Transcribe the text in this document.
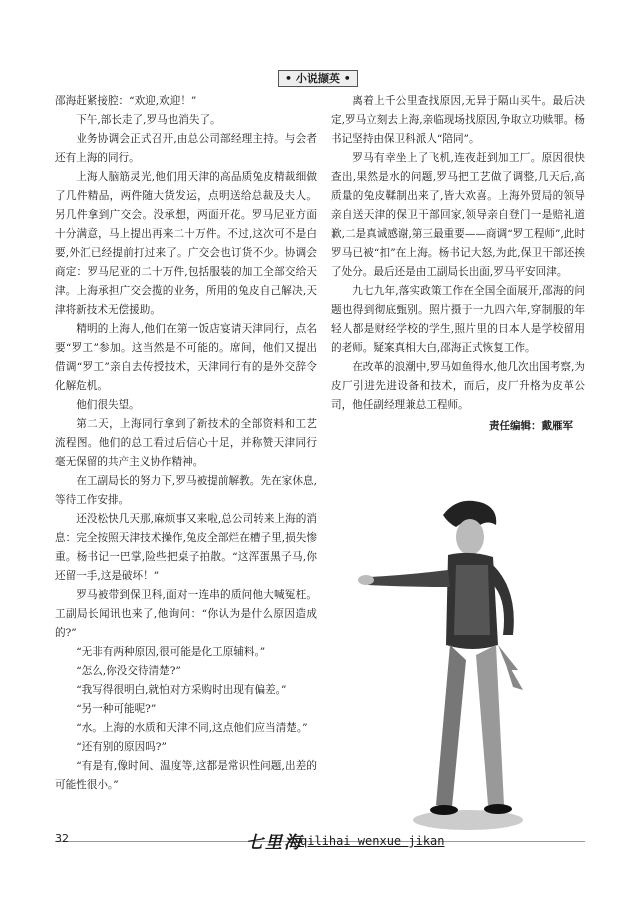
• 小说撷英 •

邵海赶紧接腔：“欢迎,欢迎！”

下午,部长走了,罗马也消失了。

业务协调会正式召开,由总公司部经理主持。与会者还有上海的同行。

上海人脑筋灵光,他们用天津的高品质兔皮精裁细做了几件精品，两件随大货发运，点明送给总裁及夫人。另几件拿到广交会。没承想，两面开花。罗马尼亚方面十分满意，马上提出再来二十万件。不过,这次可不是白要,外汇已经提前打过来了。广交会也订货不少。协调会商定：罗马尼亚的二十万件,包括服装的加工全部交给天津。上海承担广交会揽的业务，所用的兔皮自己解决,天津将新技术无偿援助。

精明的上海人,他们在第一饭店宴请天津同行，点名要“罗工”参加。这当然是不可能的。席间，他们又提出借调“罗工”亲自去传授技术，天津同行有的是外交辞令化解危机。

他们很失望。

第二天，上海同行拿到了新技术的全部资料和工艺流程图。他们的总工看过后信心十足，并称赞天津同行毫无保留的共产主义协作精神。

在工副局长的努力下,罗马被提前解教。先在家休息,等待工作安排。

还没松快几天那,麻烦事又来啦,总公司转来上海的消息：完全按照天津技术操作,兔皮全部烂在槽子里,损失惨重。杨书记一巴掌,险些把桌子拍散。“这浑蛋黑子马,你还留一手,这是破坏！”

罗马被带到保卫科,面对一连串的质问他大喊冤枉。工副局长闻讯也来了,他询问：“你认为是什么原因造成的?”

“无非有两种原因,很可能是化工原辅料。”

“怎么,你没交待清楚?”

“我写得很明白,就怕对方采购时出现有偏差。”

“另一种可能呢?”

“水。上海的水质和天津不同,这点他们应当清楚。”

“还有别的原因吗?”

“有是有,像时间、温度等,这都是常识性问题,出差的可能性很小。”

离着上千公里查找原因,无异于隔山买牛。最后决定,罗马立刻去上海,亲临现场找原因,争取立功赎罪。杨书记坚持由保卫科派人“陪同”。

罗马有幸坐上了飞机,连夜赶到加工厂。原因很快查出,果然是水的问题,罗马把工艺做了调整,几天后,高质量的兔皮鞣制出来了,皆大欢喜。上海外贸局的领导亲自送天津的保卫干部回家,领导亲自登门一是赔礼道歉,二是真诚感谢,第三最重要——商调“罗工程师”,此时罗马已被“扣”在上海。杨书记大怒,为此,保卫干部还挨了处分。最后还是由工副局长出面,罗马平安回津。

九七九年,落实政策工作在全国全面展开,邵海的问题也得到彻底甄别。照片摄于一九四六年,穿制服的年轻人都是财经学校的学生,照片里的日本人是学校留用的老师。疑案真相大白,邵海正式恢复工作。

在改革的浪潮中,罗马如鱼得水,他几次出国考察,为皮厂引进先进设备和技术，而后，皮厂升格为皮革公司，他任副经理兼总工程师。

责任编辑：戴雁军
32	七里海
qilihai wenxue jikan
